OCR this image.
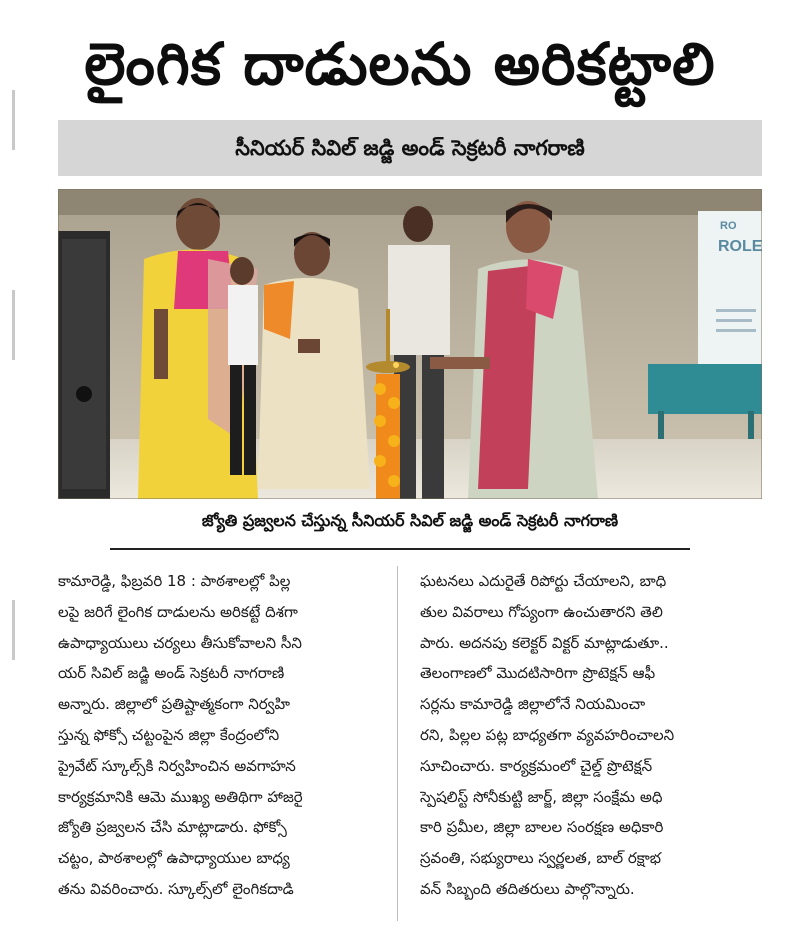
లైంగిక దాడులను అరికట్టాలి
సీనియర్ సివిల్ జడ్జి అండ్ సెక్రటరీ నాగరాణి
RO
ROLE
జ్యోతి ప్రజ్వలన చేస్తున్న సీనియర్ సివిల్ జడ్జి అండ్ సెక్రటరీ నాగరాణి
కామారెడ్డి, ఫిబ్రవరి 18 : పాఠశాలల్లో పిల్ల
లపై జరిగే లైంగిక దాడులను అరికట్టే దిశగా
ఉపాధ్యాయులు చర్యలు తీసుకోవాలని సీని
యర్ సివిల్ జడ్జి అండ్ సెక్రటరీ నాగరాణి
అన్నారు. జిల్లాలో ప్రతిష్టాత్మకంగా నిర్వహి
స్తున్న ఫోక్సో చట్టంపైన జిల్లా కేంద్రంలోని
ప్రైవేట్ స్కూల్స్‌కి నిర్వహించిన అవగాహన
కార్యక్రమానికి ఆమె ముఖ్య అతిథిగా హాజరై
జ్యోతి ప్రజ్వలన చేసి మాట్లాడారు. ఫోక్సో
చట్టం, పాఠశాలల్లో ఉపాధ్యాయుల బాధ్య
తను వివరించారు. స్కూల్స్‌లో లైంగికదాడి
ఘటనలు ఎదురైతే రిపోర్టు చేయాలని, బాధి
తుల వివరాలు గోప్యంగా ఉంచుతారని తెలి
పారు. అదనపు కలెక్టర్ విక్టర్ మాట్లాడుతూ..
తెలంగాణలో మొదటిసారిగా ప్రొటెక్షన్ ఆఫీ
సర్లను కామారెడ్డి జిల్లాలోనే నియమించా
రని, పిల్లల పట్ల బాధ్యతగా వ్యవహరించాలని
సూచించారు. కార్యక్రమంలో చైల్డ్ ప్రొటెక్షన్
స్పెషలిస్ట్ సోనీకుట్టి జార్జ్, జిల్లా సంక్షేమ అధి
కారి ప్రమీల, జిల్లా బాలల సంరక్షణ అధికారి
స్రవంతి, సభ్యురాలు స్వర్ణలత, బాల్ రక్షాభ
వన్ సిబ్బంది తదితరులు పాల్గొన్నారు.
